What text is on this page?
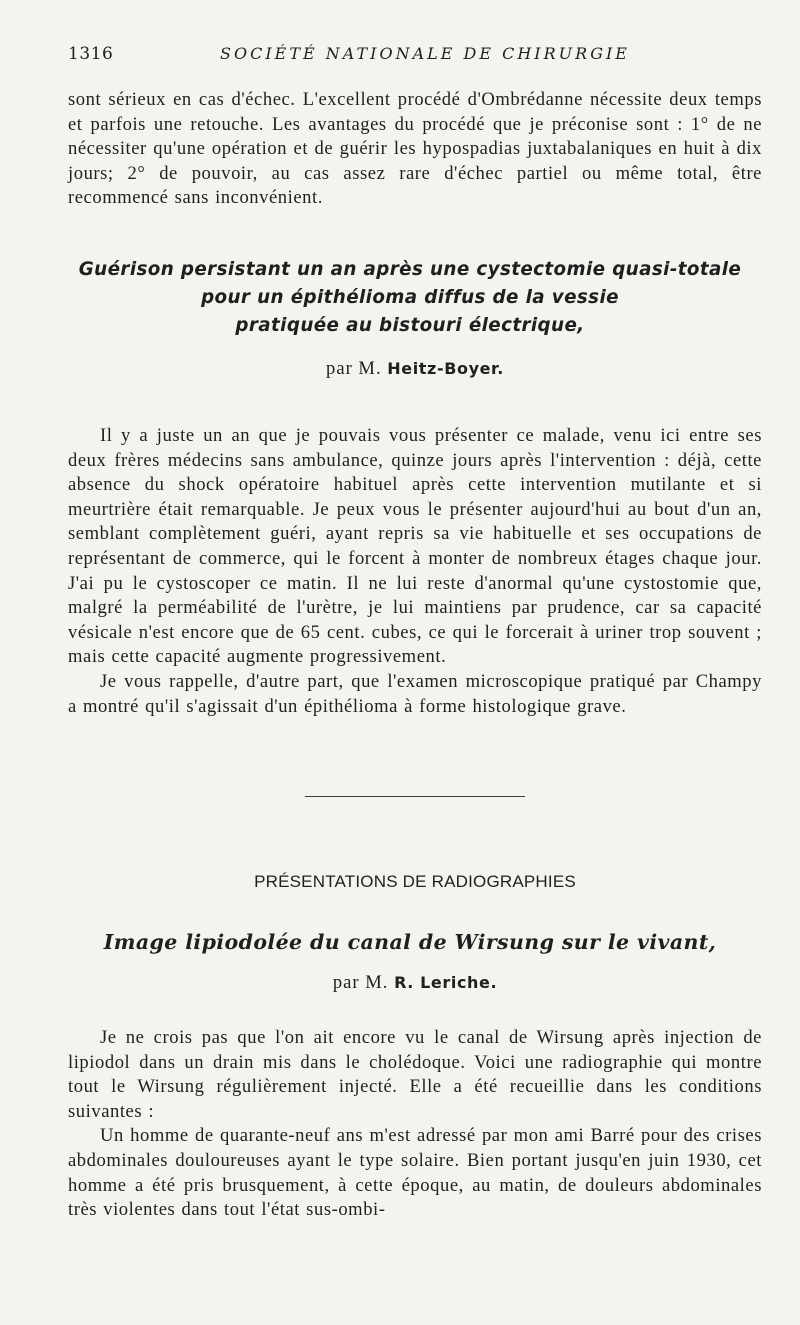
1316	SOCIÉTÉ NATIONALE DE CHIRURGIE

sont sérieux en cas d'échec. L'excellent procédé d'Ombrédanne nécessite deux temps et parfois une retouche. Les avantages du procédé que je préconise sont : 1° de ne nécessiter qu'une opération et de guérir les hypospadias juxtabalaniques en huit à dix jours; 2° de pouvoir, au cas assez rare d'échec partiel ou même total, être recommencé sans inconvénient.

Guérison persistant un an après une cystectomie quasi-totale
pour un épithélioma diffus de la vessie
pratiquée au bistouri électrique,
par M. Heitz-Boyer.

Il y a juste un an que je pouvais vous présenter ce malade, venu ici entre ses deux frères médecins sans ambulance, quinze jours après l'intervention : déjà, cette absence du shock opératoire habituel après cette intervention mutilante et si meurtrière était remarquable. Je peux vous le présenter aujourd'hui au bout d'un an, semblant complètement guéri, ayant repris sa vie habituelle et ses occupations de représentant de commerce, qui le forcent à monter de nombreux étages chaque jour. J'ai pu le cystoscoper ce matin. Il ne lui reste d'anormal qu'une cystostomie que, malgré la perméabilité de l'urètre, je lui maintiens par prudence, car sa capacité vésicale n'est encore que de 65 cent. cubes, ce qui le forcerait à uriner trop souvent ; mais cette capacité augmente progressivement.

Je vous rappelle, d'autre part, que l'examen microscopique pratiqué par Champy a montré qu'il s'agissait d'un épithélioma à forme histologique grave.

PRÉSENTATIONS DE RADIOGRAPHIES
Image lipiodolée du canal de Wirsung sur le vivant,
par M. R. Leriche.

Je ne crois pas que l'on ait encore vu le canal de Wirsung après injection de lipiodol dans un drain mis dans le cholédoque. Voici une radiographie qui montre tout le Wirsung régulièrement injecté. Elle a été recueillie dans les conditions suivantes :

Un homme de quarante-neuf ans m'est adressé par mon ami Barré pour des crises abdominales douloureuses ayant le type solaire. Bien portant jusqu'en juin 1930, cet homme a été pris brusquement, à cette époque, au matin, de douleurs abdominales très violentes dans tout l'état sus-ombi-
